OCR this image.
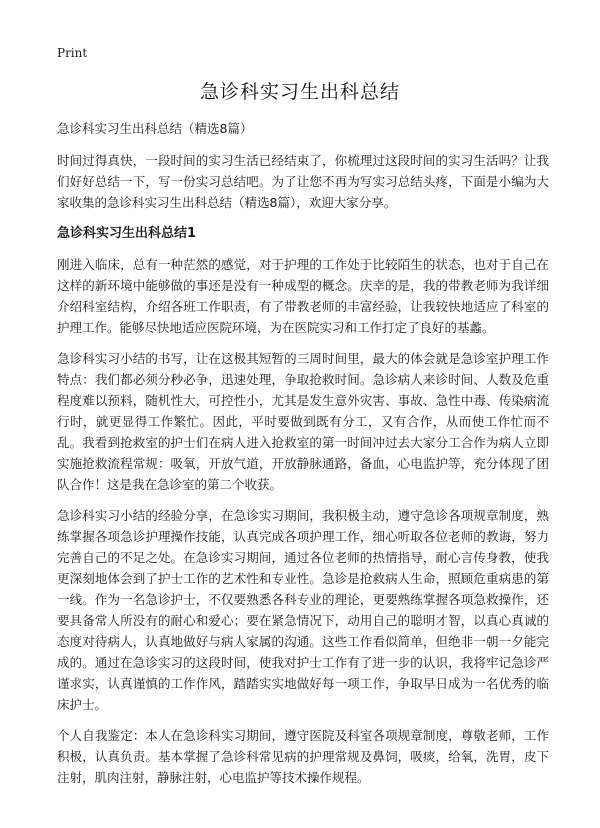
Print
急诊科实习生出科总结

急诊科实习生出科总结（精选8篇）

时间过得真快，一段时间的实习生活已经结束了，你梳理过这段时间的实习生活吗？让我们好好总结一下，写一份实习总结吧。为了让您不再为写实习总结头疼，下面是小编为大家收集的急诊科实习生出科总结（精选8篇），欢迎大家分享。

急诊科实习生出科总结1

刚进入临床，总有一种茫然的感觉，对于护理的工作处于比较陌生的状态，也对于自己在这样的新环境中能够做的事还是没有一种成型的概念。庆幸的是，我的带教老师为我详细介绍科室结构，介绍各班工作职责，有了带教老师的丰富经验，让我较快地适应了科室的护理工作。能够尽快地适应医院环境，为在医院实习和工作打定了良好的基蠡。

急诊科实习小结的书写，让在这极其短暂的三周时间里，最大的体会就是急诊室护理工作特点：我们都必须分秒必争，迅速处理，争取抢救时间。急诊病人来诊时间、人数及危重程度难以预料，随机性大，可控性小，尤其是发生意外灾害、事故、急性中毒、传染病流行时，就更显得工作繁忙。因此，平时要做到既有分工，又有合作，从而使工作忙而不乱。我看到抢救室的护士们在病人进入抢救室的第一时间冲过去大家分工合作为病人立即实施抢救流程常规：吸氧，开放气道，开放静脉通路，备血，心电监护等，充分体现了团队合作！这是我在急诊室的第二个收获。

急诊科实习小结的经验分享，在急诊实习期间，我积极主动，遵守急诊各项规章制度，熟练掌握各项急诊护理操作技能，认真完成各项护理工作，细心听取各位老师的教诲，努力完善自己的不足之处。在急诊实习期间，通过各位老师的热情指导，耐心言传身教，使我更深刻地体会到了护士工作的艺术性和专业性。急诊是抢救病人生命，照顾危重病患的第一线。作为一名急诊护士，不仅要熟悉各科专业的理论，更要熟练掌握各项急救操作，还要具备常人所没有的耐心和爱心；要在紧急情况下，动用自己的聪明才智，以真心真诚的态度对待病人，认真地做好与病人家属的沟通。这些工作看似简单，但绝非一朝一夕能完成的。通过在急诊实习的这段时间，使我对护士工作有了进一步的认识，我将牢记急诊严谨求实，认真谨慎的工作作风，踏踏实实地做好每一项工作，争取早日成为一名优秀的临床护士。

个人自我鉴定：本人在急诊科实习期间，遵守医院及科室各项规章制度，尊敬老师，工作积极，认真负责。基本掌握了急诊科常见病的护理常规及鼻饲，吸痰，给氧，洗胃，皮下注射，肌肉注射，静脉注射，心电监护等技术操作规程。
